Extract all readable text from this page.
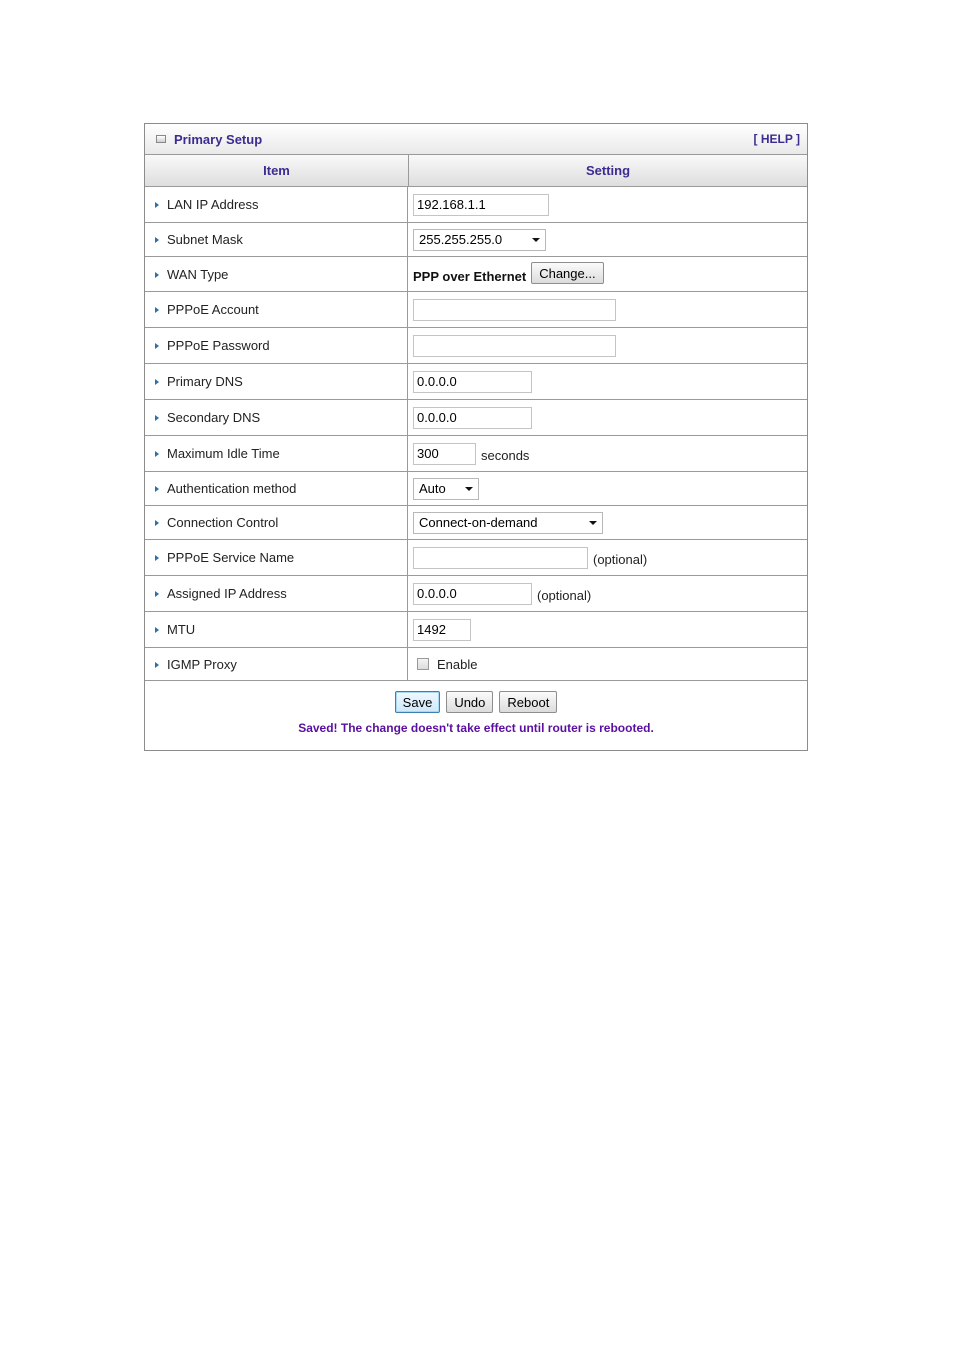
Primary Setup	[ HELP ]
Item	Setting
LAN IP Address	192.168.1.1
Subnet Mask	255.255.255.0
WAN Type	PPP over Ethernet	Change...
PPPoE Account
PPPoE Password
Primary DNS	0.0.0.0
Secondary DNS	0.0.0.0
Maximum Idle Time	300	seconds
Authentication method	Auto
Connection Control	Connect-on-demand
PPPoE Service Name	(optional)
Assigned IP Address	0.0.0.0	(optional)
MTU	1492
IGMP Proxy	Enable
Save	Undo	Reboot
Saved! The change doesn't take effect until router is rebooted.
